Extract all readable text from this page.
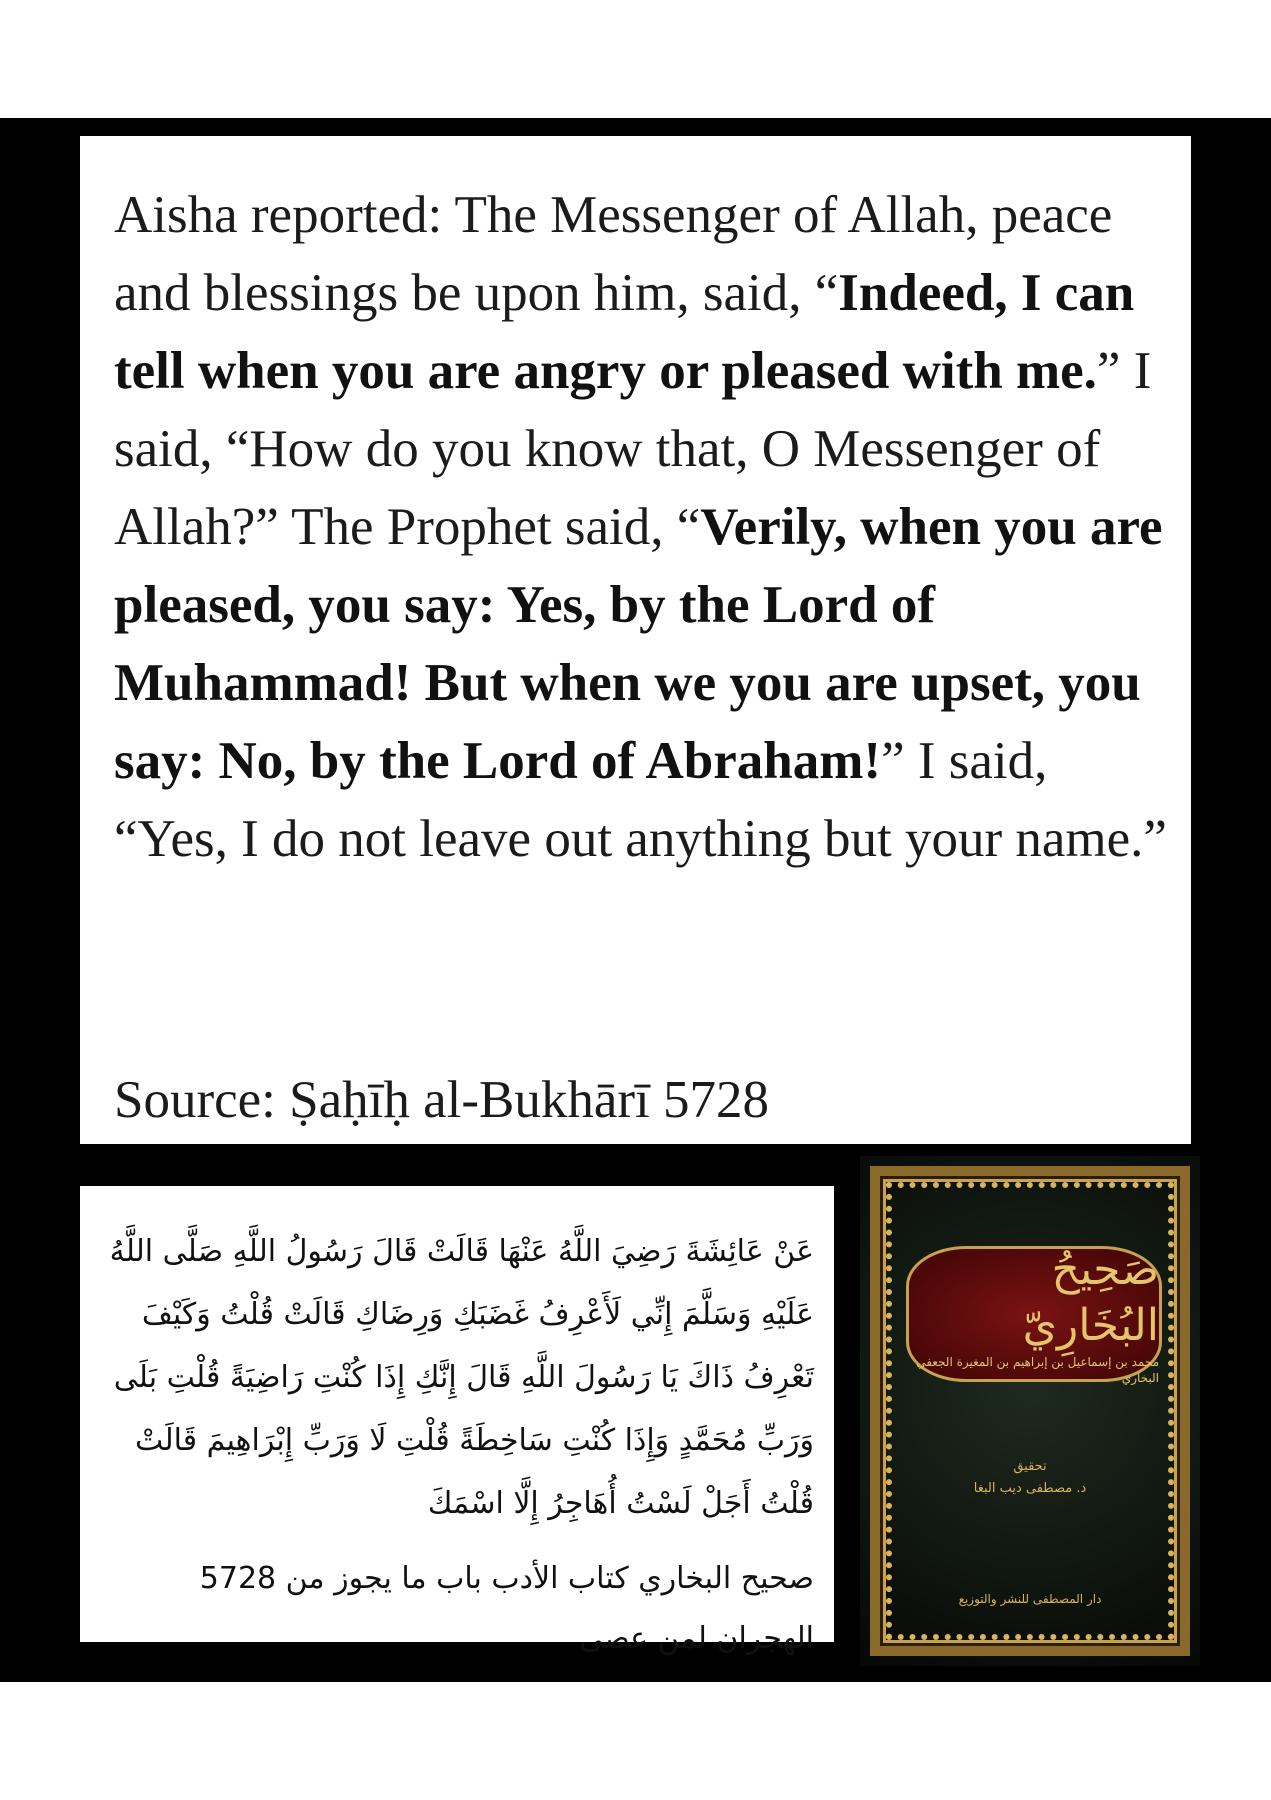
Aisha reported: The Messenger of Allah, peace and blessings be upon him, said, “Indeed, I can tell when you are angry or pleased with me.” I said, “How do you know that, O Messenger of Allah?” The Prophet said, “Verily, when you are pleased, you say: Yes, by the Lord of Muhammad! But when we you are upset, you say: No, by the Lord of Abraham!” I said, “Yes, I do not leave out anything but your name.”

Source: Ṣaḥīḥ al-Bukhārī 5728

عَنْ عَائِشَةَ رَضِيَ اللَّهُ عَنْهَا قَالَتْ قَالَ رَسُولُ اللَّهِ صَلَّى اللَّهُ عَلَيْهِ وَسَلَّمَ إِنِّي لَأَعْرِفُ غَضَبَكِ وَرِضَاكِ قَالَتْ قُلْتُ وَكَيْفَ تَعْرِفُ ذَاكَ يَا رَسُولَ اللَّهِ قَالَ إِنَّكِ إِذَا كُنْتِ رَاضِيَةً قُلْتِ بَلَى وَرَبِّ مُحَمَّدٍ وَإِذَا كُنْتِ سَاخِطَةً قُلْتِ لَا وَرَبِّ إِبْرَاهِيمَ قَالَتْ قُلْتُ أَجَلْ لَسْتُ أُهَاجِرُ إِلَّا اسْمَكَ

صحيح البخاري كتاب الأدب باب ما يجوز من 5728 الهجران لمن عصى

صَحِيحُ البُخَارِيّ
محمد بن إسماعيل بن إبراهيم بن المغيرة الجعفي البخاري
تحقيق
د. مصطفى ديب البغا
دار المصطفى للنشر والتوزيع
